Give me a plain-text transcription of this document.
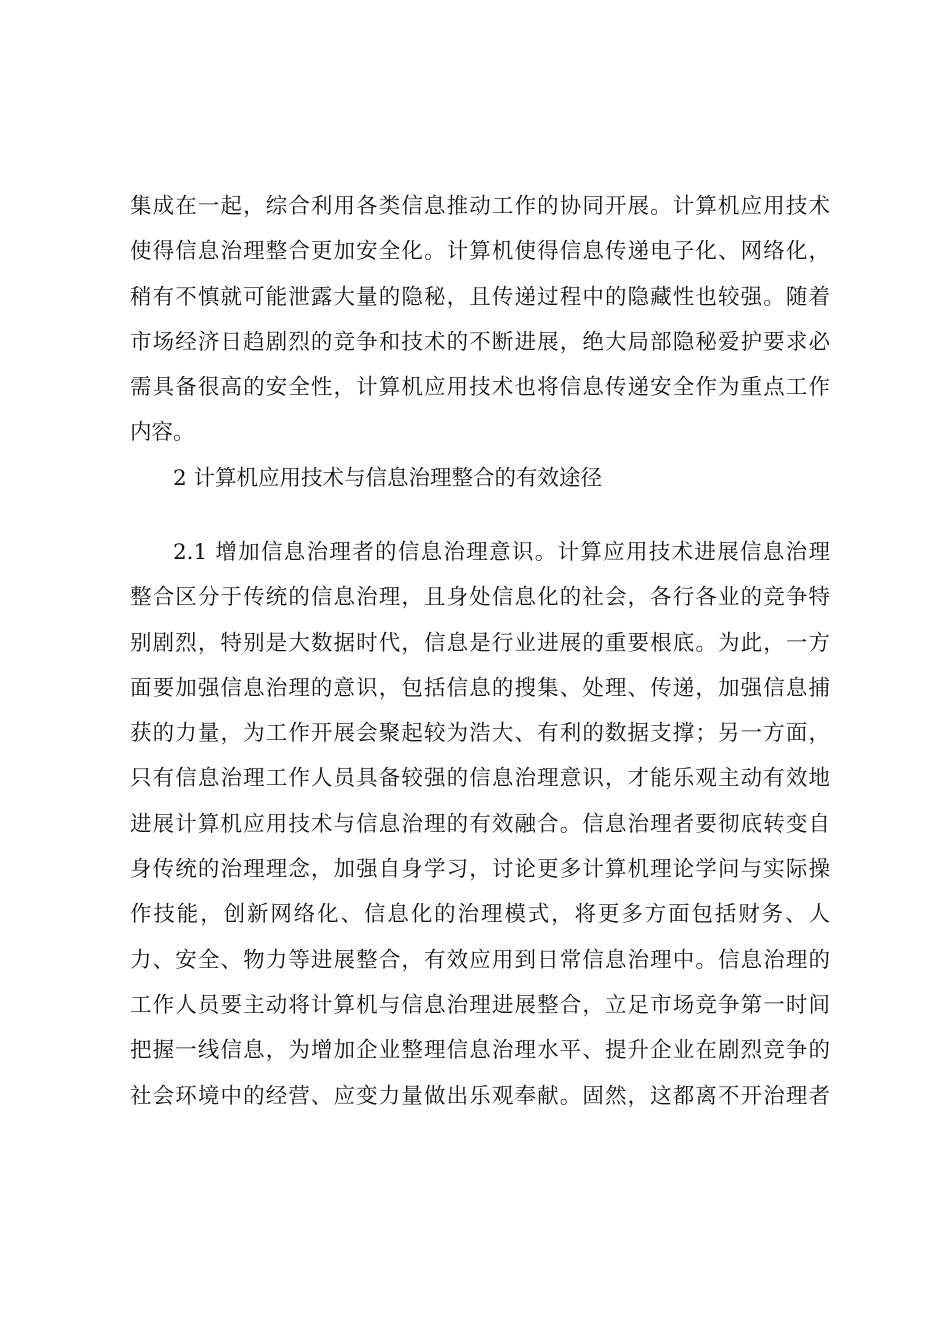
集成在一起，综合利用各类信息推动工作的协同开展。计算机应用技术
使得信息治理整合更加安全化。计算机使得信息传递电子化、网络化，
稍有不慎就可能泄露大量的隐秘，且传递过程中的隐藏性也较强。随着
市场经济日趋剧烈的竞争和技术的不断进展，绝大局部隐秘爱护要求必
需具备很高的安全性，计算机应用技术也将信息传递安全作为重点工作
内容。
2 计算机应用技术与信息治理整合的有效途径
2.1 增加信息治理者的信息治理意识。计算应用技术进展信息治理
整合区分于传统的信息治理，且身处信息化的社会，各行各业的竞争特
别剧烈，特别是大数据时代，信息是行业进展的重要根底。为此，一方
面要加强信息治理的意识，包括信息的搜集、处理、传递，加强信息捕
获的力量，为工作开展会聚起较为浩大、有利的数据支撑；另一方面，
只有信息治理工作人员具备较强的信息治理意识，才能乐观主动有效地
进展计算机应用技术与信息治理的有效融合。信息治理者要彻底转变自
身传统的治理理念，加强自身学习，讨论更多计算机理论学问与实际操
作技能，创新网络化、信息化的治理模式，将更多方面包括财务、人
力、安全、物力等进展整合，有效应用到日常信息治理中。信息治理的
工作人员要主动将计算机与信息治理进展整合，立足市场竞争第一时间
把握一线信息，为增加企业整理信息治理水平、提升企业在剧烈竞争的
社会环境中的经营、应变力量做出乐观奉献。固然，这都离不开治理者
